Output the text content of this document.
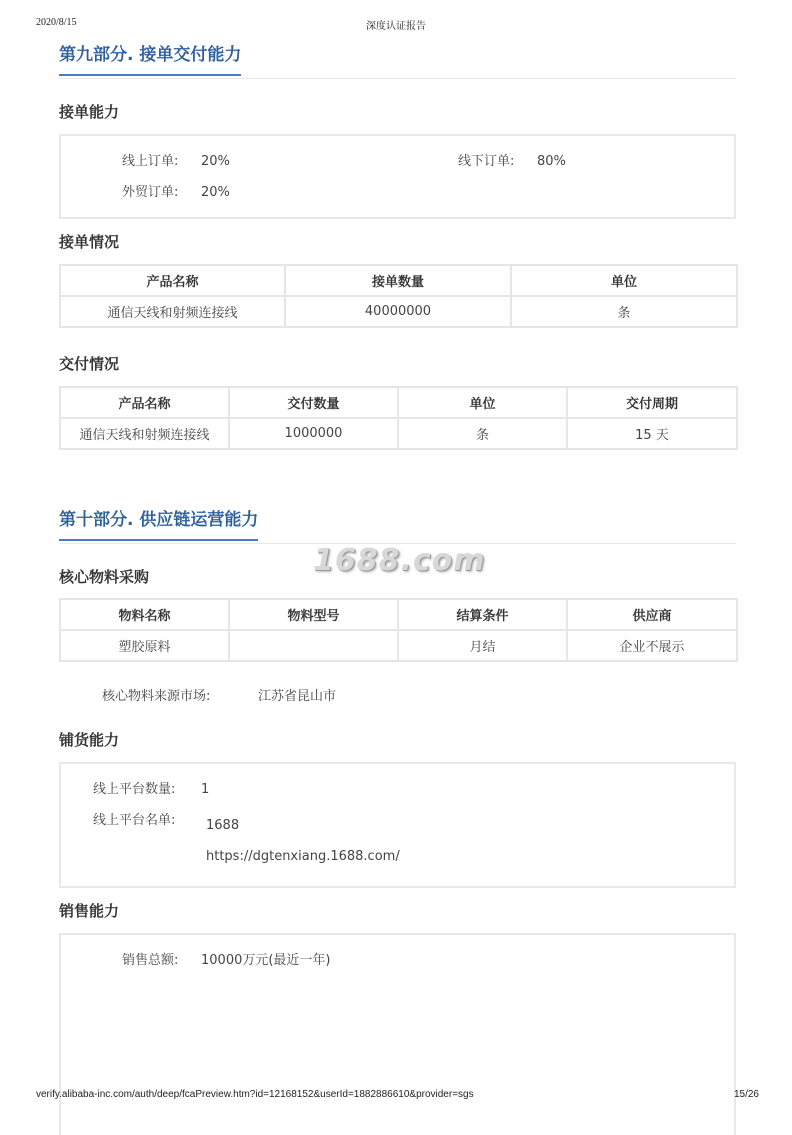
2020/8/15	深度认证报告
第九部分. 接单交付能力
接单能力
线上订单: 20%	线下订单: 80%
外贸订单: 20%
接单情况
产品名称	接单数量	单位
通信天线和射频连接线	40000000	条
交付情况
产品名称	交付数量	单位	交付周期
通信天线和射频连接线	1000000	条	15 天
第十部分. 供应链运营能力
核心物料采购
物料名称	物料型号	结算条件	供应商
塑胶原料		月结	企业不展示
核心物料来源市场:	江苏省昆山市
铺货能力
线上平台数量: 1
线上平台名单: 1688
https://dgtenxiang.1688.com/
销售能力
销售总额: 10000万元(最近一年)
1688.com
verify.alibaba-inc.com/auth/deep/fcaPreview.htm?id=12168152&userId=1882886610&provider=sgs	15/26
